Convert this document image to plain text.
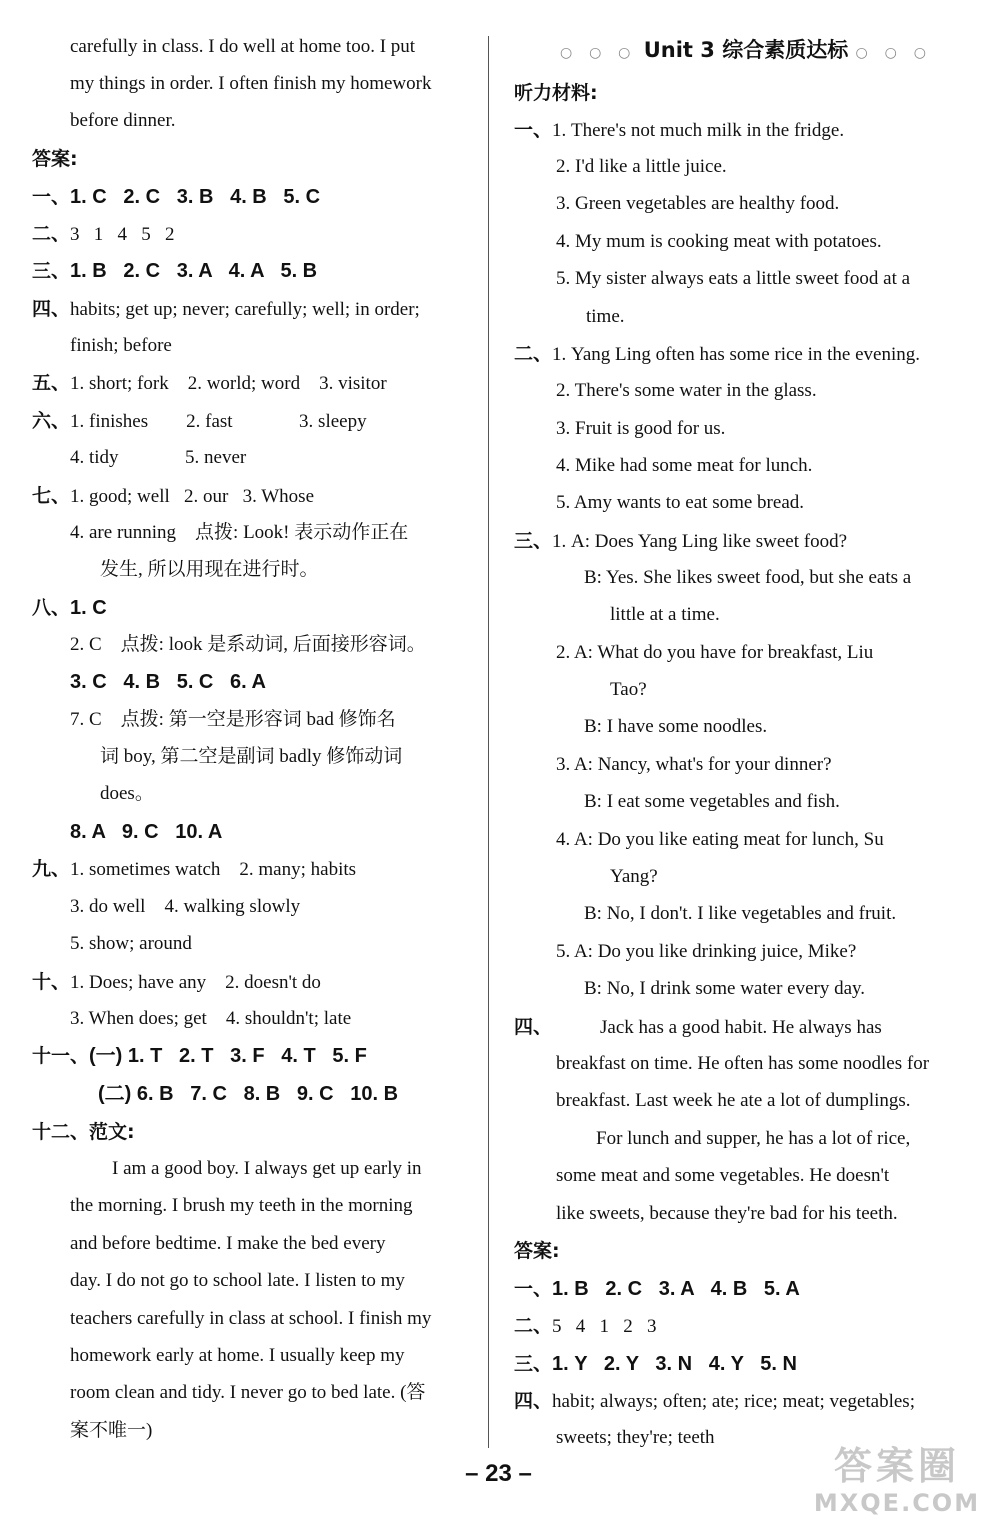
carefully in class. I do well at home too. I put
my things in order. I often finish my homework
before dinner.
答案:
一、1. C   2. C   3. B   4. B   5. C
二、3   1   4   5   2
三、1. B   2. C   3. A   4. A   5. B
四、habits; get up; never; carefully; well; in order;
finish; before
五、1. short; fork    2. world; word    3. visitor
六、1. finishes        2. fast              3. sleepy
4. tidy              5. never
七、1. good; well   2. our   3. Whose
4. are running    点拨: Look! 表示动作正在
发生, 所以用现在进行时。
八、1. C
2. C    点拨: look 是系动词, 后面接形容词。
3. C   4. B   5. C   6. A
7. C    点拨: 第一空是形容词 bad 修饰名
词 boy, 第二空是副词 badly 修饰动词
does。
8. A   9. C   10. A
九、1. sometimes watch    2. many; habits
3. do well    4. walking slowly
5. show; around
十、1. Does; have any    2. doesn't do
3. When does; get    4. shouldn't; late
十一、(一) 1. T   2. T   3. F   4. T   5. F
(二) 6. B   7. C   8. B   9. C   10. B
十二、范文:
I am a good boy. I always get up early in
the morning. I brush my teeth in the morning
and before bedtime. I make the bed every
day. I do not go to school late. I listen to my
teachers carefully in class at school. I finish my
homework early at home. I usually keep my
room clean and tidy. I never go to bed late. (答
案不唯一)
○ ○ ○ Unit 3 综合素质达标 ○ ○ ○
听力材料:
一、1. There's not much milk in the fridge.
2. I'd like a little juice.
3. Green vegetables are healthy food.
4. My mum is cooking meat with potatoes.
5. My sister always eats a little sweet food at a
time.
二、1. Yang Ling often has some rice in the evening.
2. There's some water in the glass.
3. Fruit is good for us.
4. Mike had some meat for lunch.
5. Amy wants to eat some bread.
三、1. A: Does Yang Ling like sweet food?
B: Yes. She likes sweet food, but she eats a
little at a time.
2. A: What do you have for breakfast, Liu
Tao?
B: I have some noodles.
3. A: Nancy, what's for your dinner?
B: I eat some vegetables and fish.
4. A: Do you like eating meat for lunch, Su
Yang?
B: No, I don't. I like vegetables and fruit.
5. A: Do you like drinking juice, Mike?
B: No, I drink some water every day.
四、	Jack has a good habit. He always has
breakfast on time. He often has some noodles for
breakfast. Last week he ate a lot of dumplings.
For lunch and supper, he has a lot of rice,
some meat and some vegetables. He doesn't
like sweets, because they're bad for his teeth.
答案:
一、1. B   2. C   3. A   4. B   5. A
二、5   4   1   2   3
三、1. Y   2. Y   3. N   4. Y   5. N
四、habit; always; often; ate; rice; meat; vegetables;
sweets; they're; teeth
– 23 –	答案圈
MXQE.COM
